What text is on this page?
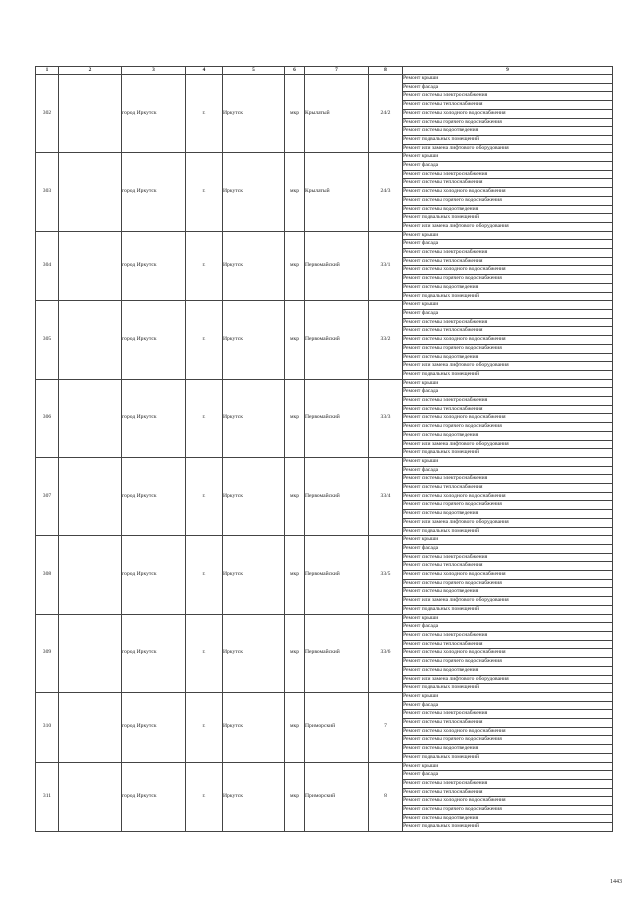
1	2	3	4	5	6	7	8	9
302		город Иркутск	г.	Иркутск	мкр	Крылатый	24/2	Ремонт крыши
								Ремонт фасада
								Ремонт системы электроснабжения
								Ремонт системы теплоснабжения
								Ремонт системы холодного водоснабжения
								Ремонт системы горячего водоснабжения
								Ремонт системы водоотведения
								Ремонт подвальных помещений
								Ремонт или замена лифтового оборудования
303		город Иркутск	г.	Иркутск	мкр	Крылатый	24/3	Ремонт крыши
								Ремонт фасада
								Ремонт системы электроснабжения
								Ремонт системы теплоснабжения
								Ремонт системы холодного водоснабжения
								Ремонт системы горячего водоснабжения
								Ремонт системы водоотведения
								Ремонт подвальных помещений
								Ремонт или замена лифтового оборудования
304		город Иркутск	г.	Иркутск	мкр	Первомайский	33/1	Ремонт крыши
								Ремонт фасада
								Ремонт системы электроснабжения
								Ремонт системы теплоснабжения
								Ремонт системы холодного водоснабжения
								Ремонт системы горячего водоснабжения
								Ремонт системы водоотведения
								Ремонт подвальных помещений
305		город Иркутск	г.	Иркутск	мкр	Первомайский	33/2	Ремонт крыши
								Ремонт фасада
								Ремонт системы электроснабжения
								Ремонт системы теплоснабжения
								Ремонт системы холодного водоснабжения
								Ремонт системы горячего водоснабжения
								Ремонт системы водоотведения
								Ремонт или замена лифтового оборудования
								Ремонт подвальных помещений
306		город Иркутск	г.	Иркутск	мкр	Первомайский	33/3	Ремонт крыши
								Ремонт фасада
								Ремонт системы электроснабжения
								Ремонт системы теплоснабжения
								Ремонт системы холодного водоснабжения
								Ремонт системы горячего водоснабжения
								Ремонт системы водоотведения
								Ремонт или замена лифтового оборудования
								Ремонт подвальных помещений
307		город Иркутск	г.	Иркутск	мкр	Первомайский	33/4	Ремонт крыши
								Ремонт фасада
								Ремонт системы электроснабжения
								Ремонт системы теплоснабжения
								Ремонт системы холодного водоснабжения
								Ремонт системы горячего водоснабжения
								Ремонт системы водоотведения
								Ремонт или замена лифтового оборудования
								Ремонт подвальных помещений
308		город Иркутск	г.	Иркутск	мкр	Первомайский	33/5	Ремонт крыши
								Ремонт фасада
								Ремонт системы электроснабжения
								Ремонт системы теплоснабжения
								Ремонт системы холодного водоснабжения
								Ремонт системы горячего водоснабжения
								Ремонт системы водоотведения
								Ремонт или замена лифтового оборудования
								Ремонт подвальных помещений
309		город Иркутск	г.	Иркутск	мкр	Первомайский	33/6	Ремонт крыши
								Ремонт фасада
								Ремонт системы электроснабжения
								Ремонт системы теплоснабжения
								Ремонт системы холодного водоснабжения
								Ремонт системы горячего водоснабжения
								Ремонт системы водоотведения
								Ремонт или замена лифтового оборудования
								Ремонт подвальных помещений
310		город Иркутск	г.	Иркутск	мкр	Приморский	7	Ремонт крыши
								Ремонт фасада
								Ремонт системы электроснабжения
								Ремонт системы теплоснабжения
								Ремонт системы холодного водоснабжения
								Ремонт системы горячего водоснабжения
								Ремонт системы водоотведения
								Ремонт подвальных помещений
311		город Иркутск	г.	Иркутск	мкр	Приморский	8	Ремонт крыши
								Ремонт фасада
								Ремонт системы электроснабжения
								Ремонт системы теплоснабжения
								Ремонт системы холодного водоснабжения
								Ремонт системы горячего водоснабжения
								Ремонт системы водоотведения
								Ремонт подвальных помещений
1443
